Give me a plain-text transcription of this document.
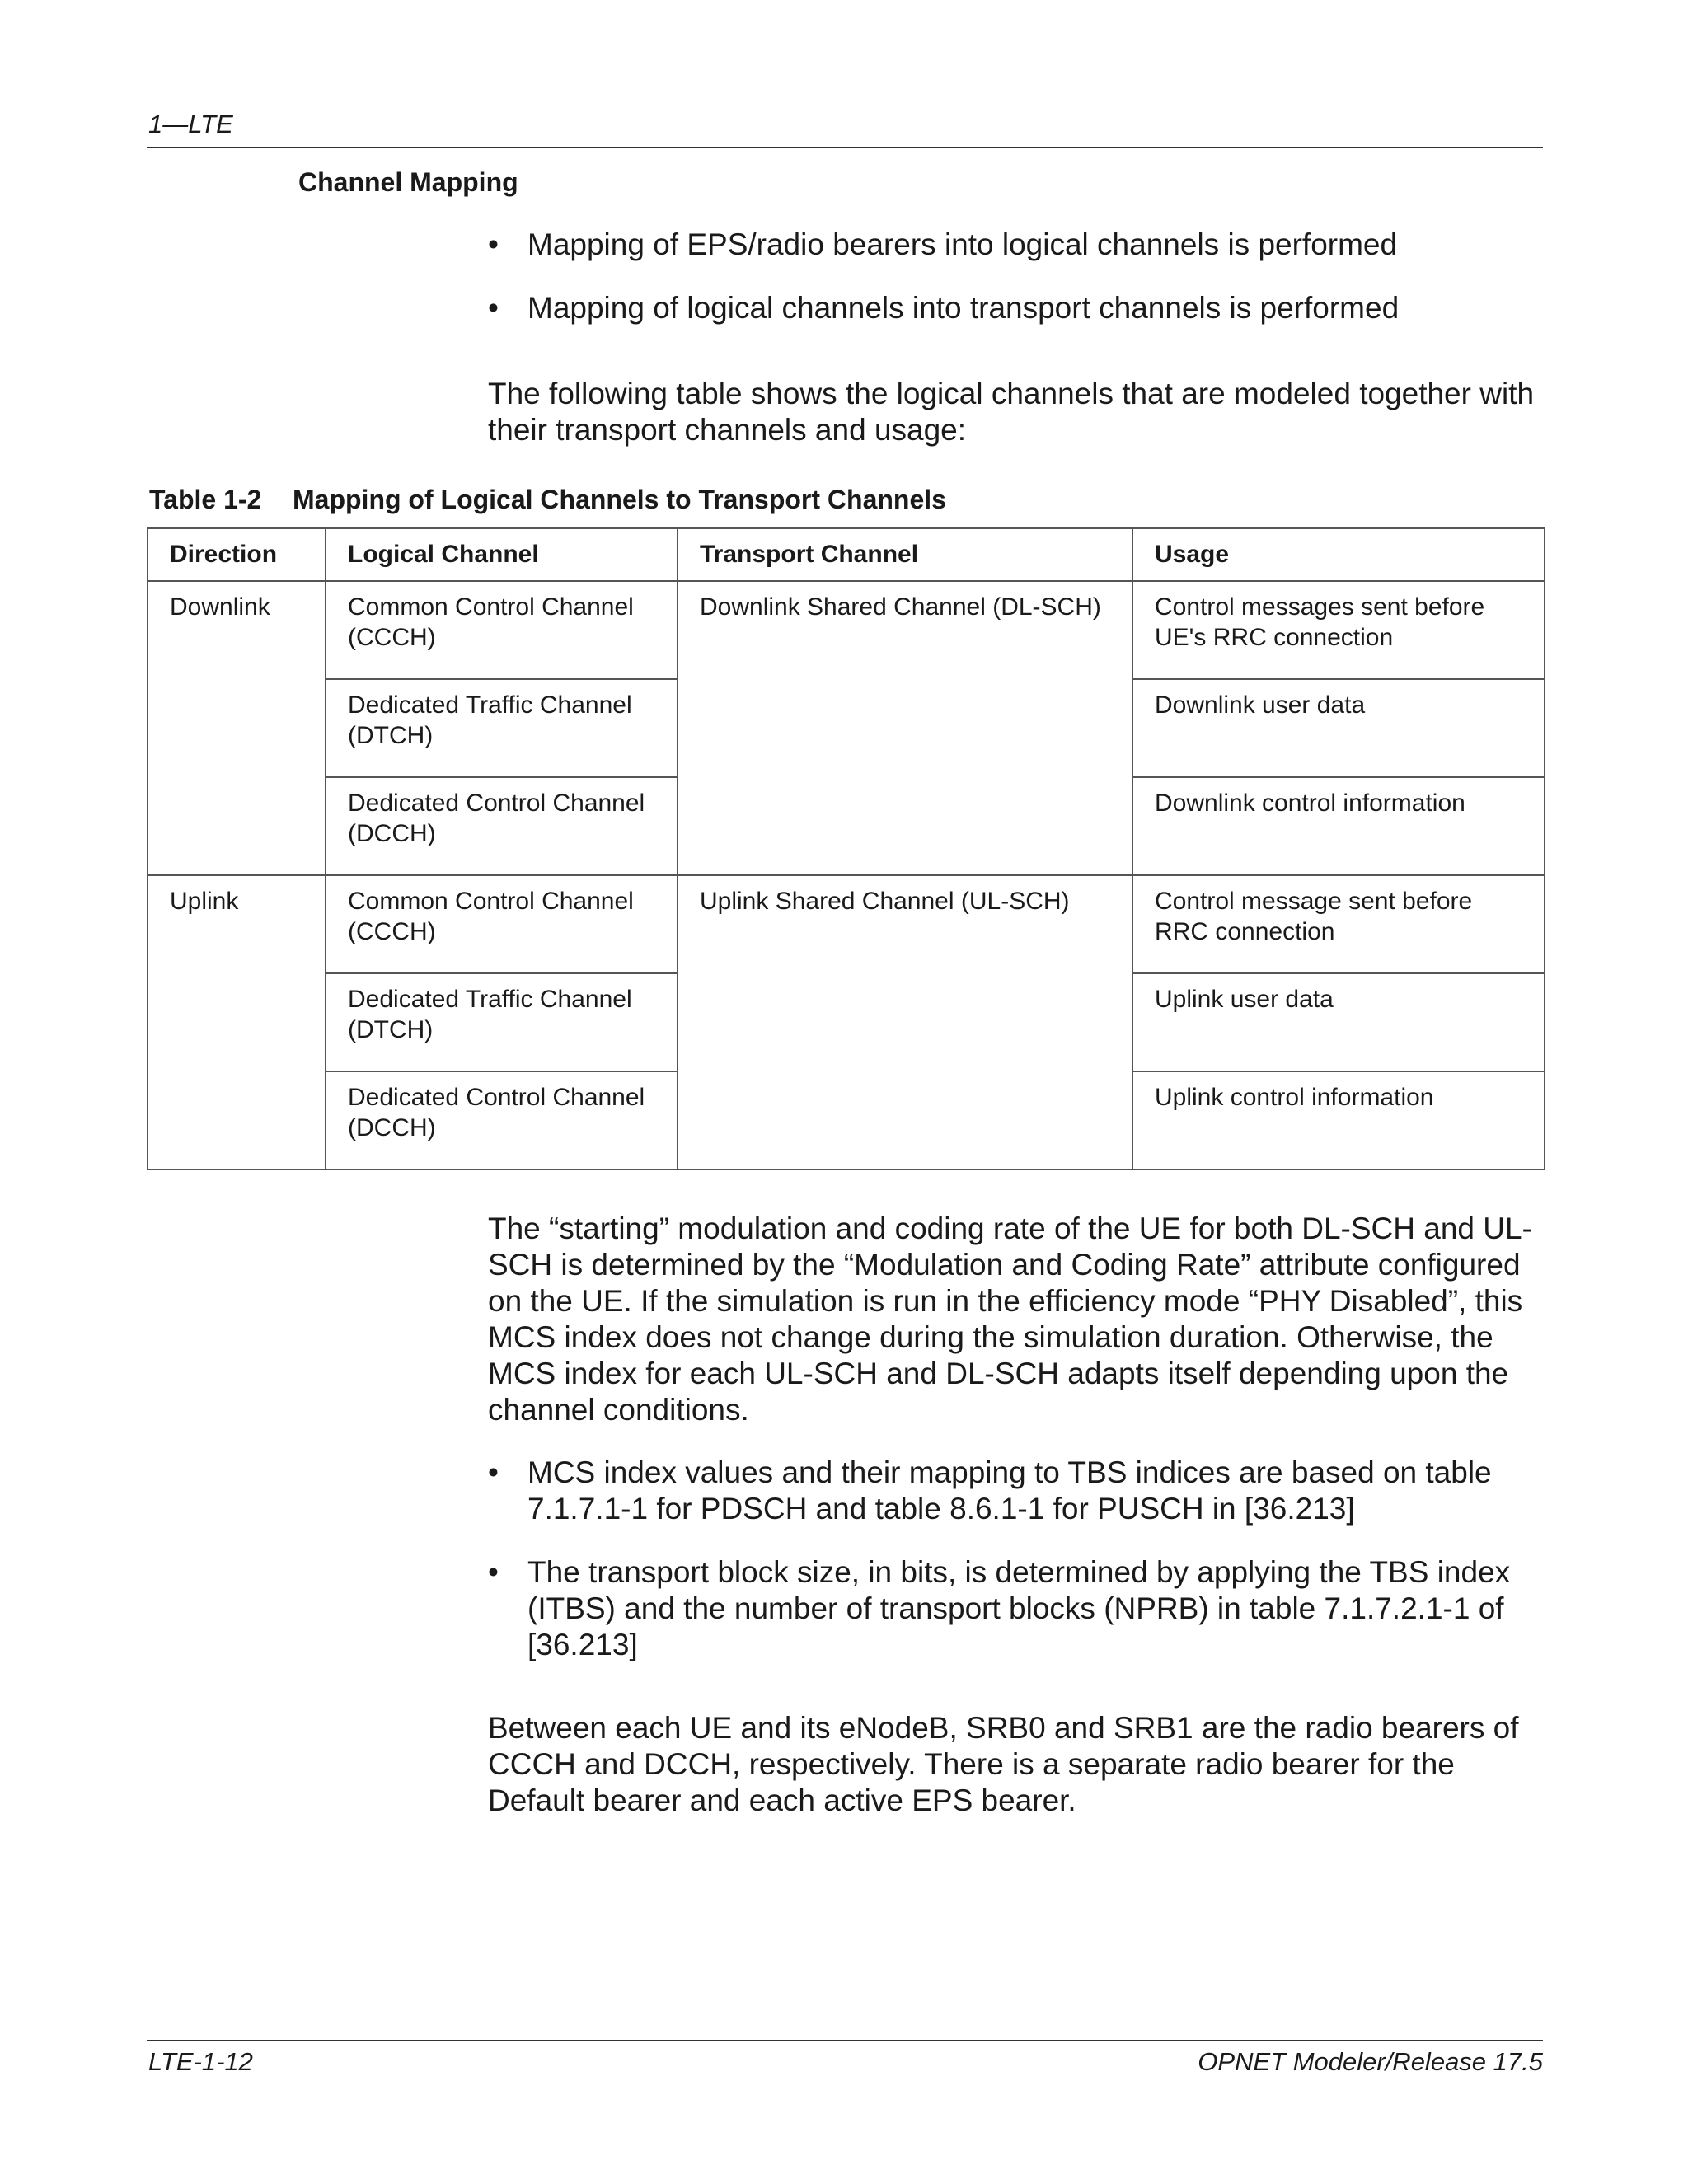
1—LTE
Channel Mapping
• Mapping of EPS/radio bearers into logical channels is performed
• Mapping of logical channels into transport channels is performed

The following table shows the logical channels that are modeled together with their transport channels and usage:

Table 1-2 Mapping of Logical Channels to Transport Channels
Direction	Logical Channel	Transport Channel	Usage
Downlink	Common Control Channel (CCCH)	Downlink Shared Channel (DL-SCH)	Control messages sent before UE's RRC connection
	Dedicated Traffic Channel (DTCH)		Downlink user data
	Dedicated Control Channel (DCCH)		Downlink control information
Uplink	Common Control Channel (CCCH)	Uplink Shared Channel (UL-SCH)	Control message sent before RRC connection
	Dedicated Traffic Channel (DTCH)		Uplink user data
	Dedicated Control Channel (DCCH)		Uplink control information

The “starting” modulation and coding rate of the UE for both DL-SCH and UL-SCH is determined by the “Modulation and Coding Rate” attribute configured on the UE. If the simulation is run in the efficiency mode “PHY Disabled”, this MCS index does not change during the simulation duration. Otherwise, the MCS index for each UL-SCH and DL-SCH adapts itself depending upon the channel conditions.

• MCS index values and their mapping to TBS indices are based on table 7.1.7.1-1 for PDSCH and table 8.6.1-1 for PUSCH in [36.213]
• The transport block size, in bits, is determined by applying the TBS index (ITBS) and the number of transport blocks (NPRB) in table 7.1.7.2.1-1 of [36.213]

Between each UE and its eNodeB, SRB0 and SRB1 are the radio bearers of CCCH and DCCH, respectively. There is a separate radio bearer for the Default bearer and each active EPS bearer.

LTE-1-12	OPNET Modeler/Release 17.5
